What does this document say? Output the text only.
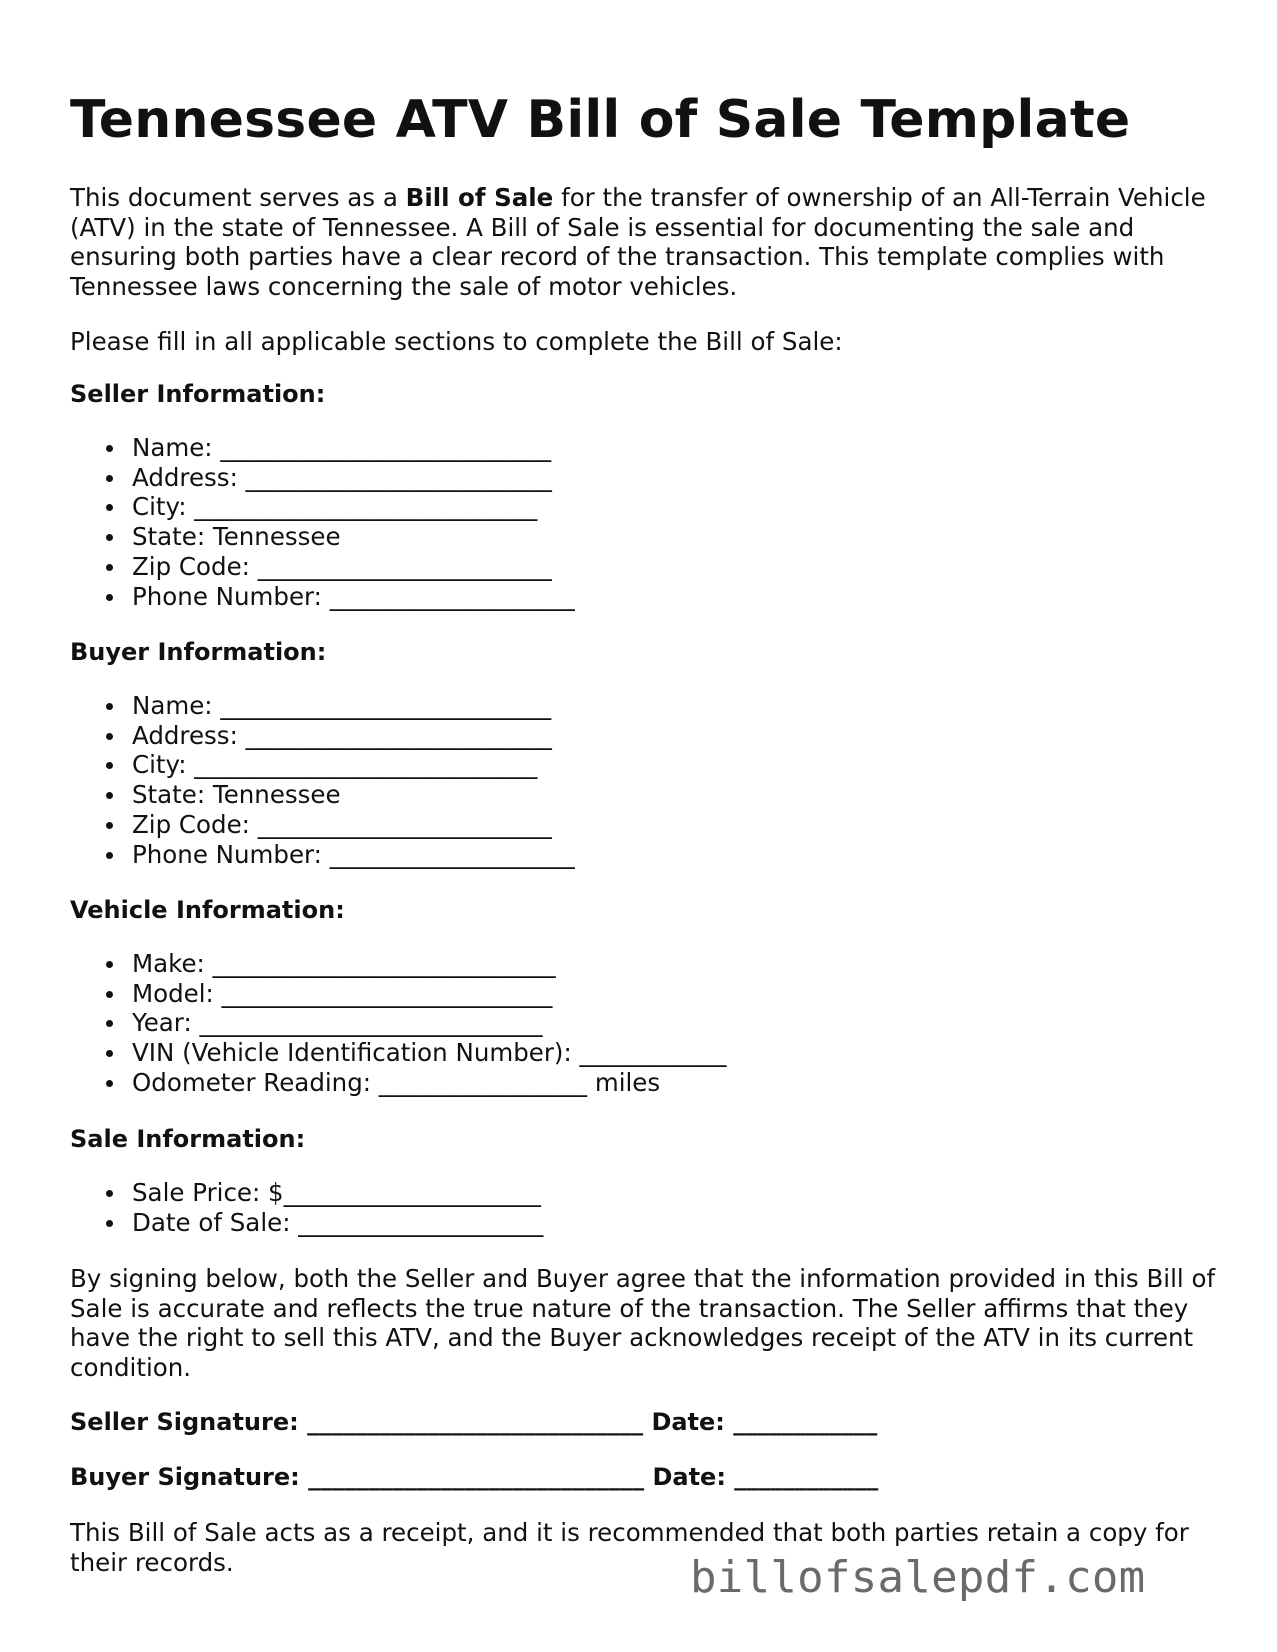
Tennessee ATV Bill of Sale Template

This document serves as a Bill of Sale for the transfer of ownership of an All-Terrain Vehicle (ATV) in the state of Tennessee. A Bill of Sale is essential for documenting the sale and ensuring both parties have a clear record of the transaction. This template complies with Tennessee laws concerning the sale of motor vehicles.

Please fill in all applicable sections to complete the Bill of Sale:

Seller Information:
Name: ___________________________
Address: _________________________
City: ____________________________
State: Tennessee
Zip Code: ________________________
Phone Number: ____________________
Buyer Information:
Name: ___________________________
Address: _________________________
City: ____________________________
State: Tennessee
Zip Code: ________________________
Phone Number: ____________________
Vehicle Information:
Make: ____________________________
Model: ___________________________
Year: ____________________________
VIN (Vehicle Identification Number): ____________
Odometer Reading: _________________ miles
Sale Information:
Sale Price: $_____________________
Date of Sale: ____________________

By signing below, both the Seller and Buyer agree that the information provided in this Bill of Sale is accurate and reflects the true nature of the transaction. The Seller affirms that they have the right to sell this ATV, and the Buyer acknowledges receipt of the ATV in its current condition.

Seller Signature: ____________________________ Date: ____________
Buyer Signature: ____________________________ Date: ____________

This Bill of Sale acts as a receipt, and it is recommended that both parties retain a copy for their records.	billofsalepdf.com
